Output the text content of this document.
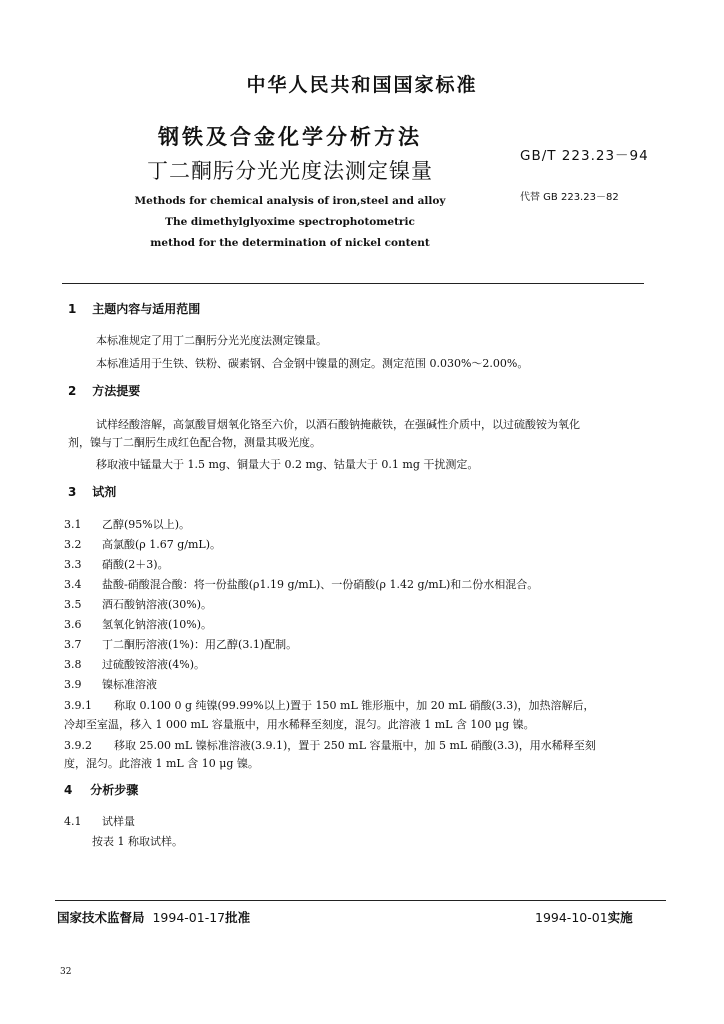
中华人民共和国国家标准
钢铁及合金化学分析方法
丁二酮肟分光光度法测定镍量
GB/T 223.23－94
代替 GB 223.23－82
Methods for chemical analysis of iron,steel and alloy
The dimethylglyoxime spectrophotometric
method for the determination of nickel content
1 主题内容与适用范围
本标准规定了用丁二酮肟分光光度法测定镍量。
本标准适用于生铁、铁粉、碳素钢、合金钢中镍量的测定。测定范围 0.030%～2.00%。
2 方法提要
试样经酸溶解，高氯酸冒烟氧化铬至六价，以酒石酸钠掩蔽铁，在强碱性介质中，以过硫酸铵为氧化
剂，镍与丁二酮肟生成红色配合物，测量其吸光度。
移取液中锰量大于 1.5 mg、铜量大于 0.2 mg、钴量大于 0.1 mg 干扰测定。
3 试剂
3.1 乙醇(95%以上)。
3.2 高氯酸(ρ 1.67 g/mL)。
3.3 硝酸(2＋3)。
3.4 盐酸-硝酸混合酸：将一份盐酸(ρ1.19 g/mL)、一份硝酸(ρ 1.42 g/mL)和二份水相混合。
3.5 酒石酸钠溶液(30%)。
3.6 氢氧化钠溶液(10%)。
3.7 丁二酮肟溶液(1%)：用乙醇(3.1)配制。
3.8 过硫酸铵溶液(4%)。
3.9 镍标准溶液
3.9.1 称取 0.100 0 g 纯镍(99.99%以上)置于 150 mL 锥形瓶中，加 20 mL 硝酸(3.3)，加热溶解后，
冷却至室温，移入 1 000 mL 容量瓶中，用水稀释至刻度，混匀。此溶液 1 mL 含 100 μg 镍。
3.9.2 移取 25.00 mL 镍标准溶液(3.9.1)，置于 250 mL 容量瓶中，加 5 mL 硝酸(3.3)，用水稀释至刻
度，混匀。此溶液 1 mL 含 10 μg 镍。
4 分析步骤
4.1 试样量
按表 1 称取试样。
国家技术监督局 1994-01-17批准	1994-10-01实施
32
